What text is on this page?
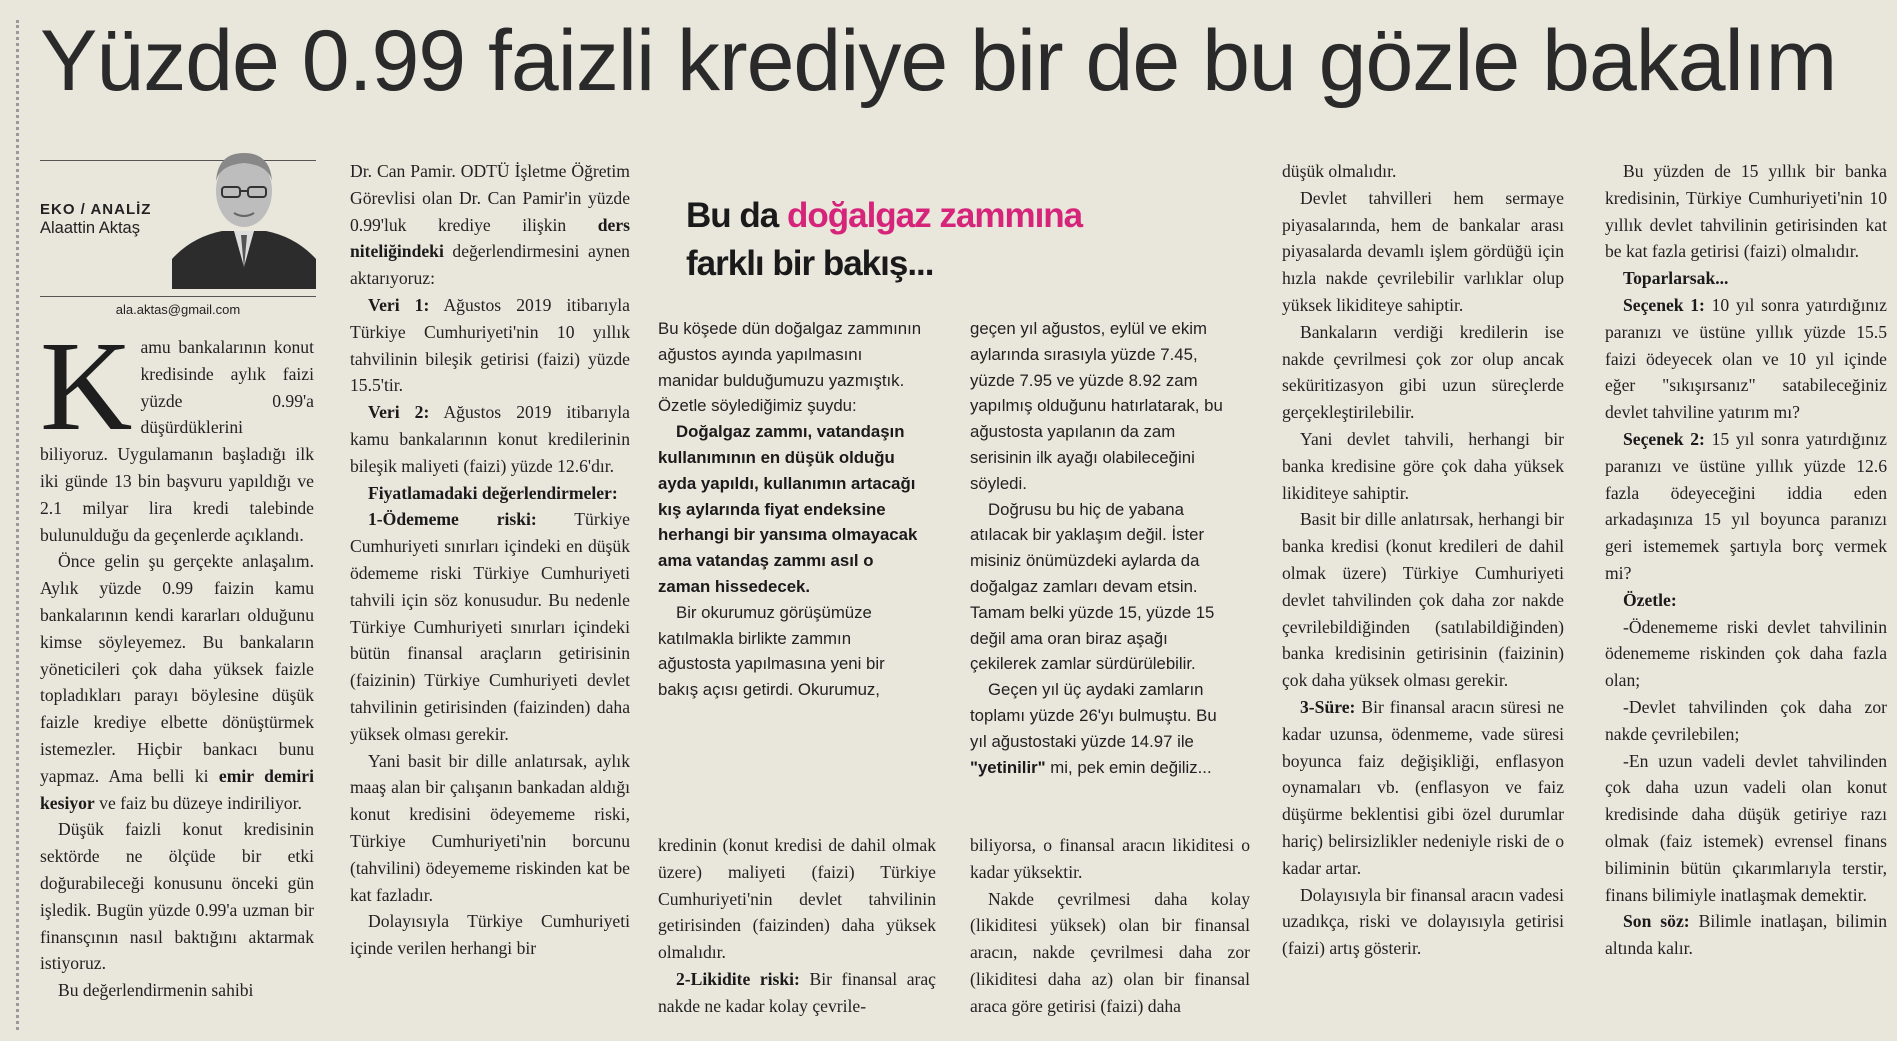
Yüzde 0.99 faizli krediye bir de bu gözle bakalım
EKO / ANALİZ
Alaattin Aktaş
ala.aktas@gmail.com

Kamu bankalarının konut kredisinde aylık faizi yüzde 0.99'a düşürdüklerini biliyoruz. Uygulamanın başladığı ilk iki günde 13 bin başvuru yapıldığı ve 2.1 milyar lira kredi talebinde bulunulduğu da geçenlerde açıklandı.

Önce gelin şu gerçekte anlaşalım. Aylık yüzde 0.99 faizin kamu bankalarının kendi kararları olduğunu kimse söyleyemez. Bu bankaların yöneticileri çok daha yüksek faizle topladıkları parayı böylesine düşük faizle krediye elbette dönüştürmek istemezler. Hiçbir bankacı bunu yapmaz. Ama belli ki emir demiri kesiyor ve faiz bu düzeye indiriliyor.

Düşük faizli konut kredisinin sektörde ne ölçüde bir etki doğurabileceği konusunu önceki gün işledik. Bugün yüzde 0.99'a uzman bir finansçının nasıl baktığını aktarmak istiyoruz.

Bu değerlendirmenin sahibi

Dr. Can Pamir. ODTÜ İşletme Öğretim Görevlisi olan Dr. Can Pamir'in yüzde 0.99'luk krediye ilişkin ders niteliğindeki değerlendirmesini aynen aktarıyoruz:

Veri 1: Ağustos 2019 itibarıyla Türkiye Cumhuriyeti'nin 10 yıllık tahvilinin bileşik getirisi (faizi) yüzde 15.5'tir.

Veri 2: Ağustos 2019 itibarıyla kamu bankalarının konut kredilerinin bileşik maliyeti (faizi) yüzde 12.6'dır.

Fiyatlamadaki değerlendirmeler:

1-Ödememe riski: Türkiye Cumhuriyeti sınırları içindeki en düşük ödememe riski Türkiye Cumhuriyeti tahvili için söz konusudur. Bu nedenle Türkiye Cumhuriyeti sınırları içindeki bütün finansal araçların getirisinin (faizinin) Türkiye Cumhuriyeti devlet tahvilinin getirisinden (faizinden) daha yüksek olması gerekir.

Yani basit bir dille anlatırsak, aylık maaş alan bir çalışanın bankadan aldığı konut kredisini ödeyememe riski, Türkiye Cumhuriyeti'nin borcunu (tahvilini) ödeyememe riskinden kat be kat fazladır.

Dolayısıyla Türkiye Cumhuriyeti içinde verilen herhangi bir

Bu da doğalgaz zammına
farklı bir bakış...

Bu köşede dün doğalgaz zammının ağustos ayında yapılmasını manidar bulduğumuzu yazmıştık. Özetle söylediğimiz şuydu:

Doğalgaz zammı, vatandaşın kullanımının en düşük olduğu ayda yapıldı, kullanımın artacağı kış aylarında fiyat endeksine herhangi bir yansıma olmayacak ama vatandaş zammı asıl o zaman hissedecek.

Bir okurumuz görüşümüze katılmakla birlikte zammın ağustosta yapılmasına yeni bir bakış açısı getirdi. Okurumuz,

geçen yıl ağustos, eylül ve ekim aylarında sırasıyla yüzde 7.45, yüzde 7.95 ve yüzde 8.92 zam yapılmış olduğunu hatırlatarak, bu ağustosta yapılanın da zam serisinin ilk ayağı olabileceğini söyledi.

Doğrusu bu hiç de yabana atılacak bir yaklaşım değil. İster misiniz önümüzdeki aylarda da doğalgaz zamları devam etsin. Tamam belki yüzde 15, yüzde 15 değil ama oran biraz aşağı çekilerek zamlar sürdürülebilir.

Geçen yıl üç aydaki zamların toplamı yüzde 26'yı bulmuştu. Bu yıl ağustostaki yüzde 14.97 ile "yetinilir" mi, pek emin değiliz...

kredinin (konut kredisi de dahil olmak üzere) maliyeti (faizi) Türkiye Cumhuriyeti'nin devlet tahvilinin getirisinden (faizinden) daha yüksek olmalıdır.

2-Likidite riski: Bir finansal araç nakde ne kadar kolay çevrile-

biliyorsa, o finansal aracın likiditesi o kadar yüksektir.

Nakde çevrilmesi daha kolay (likiditesi yüksek) olan bir finansal aracın, nakde çevrilmesi daha zor (likiditesi daha az) olan bir finansal araca göre getirisi (faizi) daha

düşük olmalıdır.

Devlet tahvilleri hem sermaye piyasalarında, hem de bankalar arası piyasalarda devamlı işlem gördüğü için hızla nakde çevrilebilir varlıklar olup yüksek likiditeye sahiptir.

Bankaların verdiği kredilerin ise nakde çevrilmesi çok zor olup ancak seküritizasyon gibi uzun süreçlerde gerçekleştirilebilir.

Yani devlet tahvili, herhangi bir banka kredisine göre çok daha yüksek likiditeye sahiptir.

Basit bir dille anlatırsak, herhangi bir banka kredisi (konut kredileri de dahil olmak üzere) Türkiye Cumhuriyeti devlet tahvilinden çok daha zor nakde çevrilebildiğinden (satılabildiğinden) banka kredisinin getirisinin (faizinin) çok daha yüksek olması gerekir.

3-Süre: Bir finansal aracın süresi ne kadar uzunsa, ödenmeme, vade süresi boyunca faiz değişikliği, enflasyon oynamaları vb. (enflasyon ve faiz düşürme beklentisi gibi özel durumlar hariç) belirsizlikler nedeniyle riski de o kadar artar.

Dolayısıyla bir finansal aracın vadesi uzadıkça, riski ve dolayısıyla getirisi (faizi) artış gösterir.

Bu yüzden de 15 yıllık bir banka kredisinin, Türkiye Cumhuriyeti'nin 10 yıllık devlet tahvilinin getirisinden kat be kat fazla getirisi (faizi) olmalıdır.

Toparlarsak...

Seçenek 1: 10 yıl sonra yatırdığınız paranızı ve üstüne yıllık yüzde 15.5 faizi ödeyecek olan ve 10 yıl içinde eğer "sıkışırsanız" satabileceğiniz devlet tahviline yatırım mı?

Seçenek 2: 15 yıl sonra yatırdığınız paranızı ve üstüne yıllık yüzde 12.6 fazla ödeyeceğini iddia eden arkadaşınıza 15 yıl boyunca paranızı geri istememek şartıyla borç vermek mi?

Özetle:

-Ödenememe riski devlet tahvilinin ödenememe riskinden çok daha fazla olan;

-Devlet tahvilinden çok daha zor nakde çevrilebilen;

-En uzun vadeli devlet tahvilinden çok daha uzun vadeli olan konut kredisinde daha düşük getiriye razı olmak (faiz istemek) evrensel finans biliminin bütün çıkarımlarıyla terstir, finans bilimiyle inatlaşmak demektir.

Son söz: Bilimle inatlaşan, bilimin altında kalır.
